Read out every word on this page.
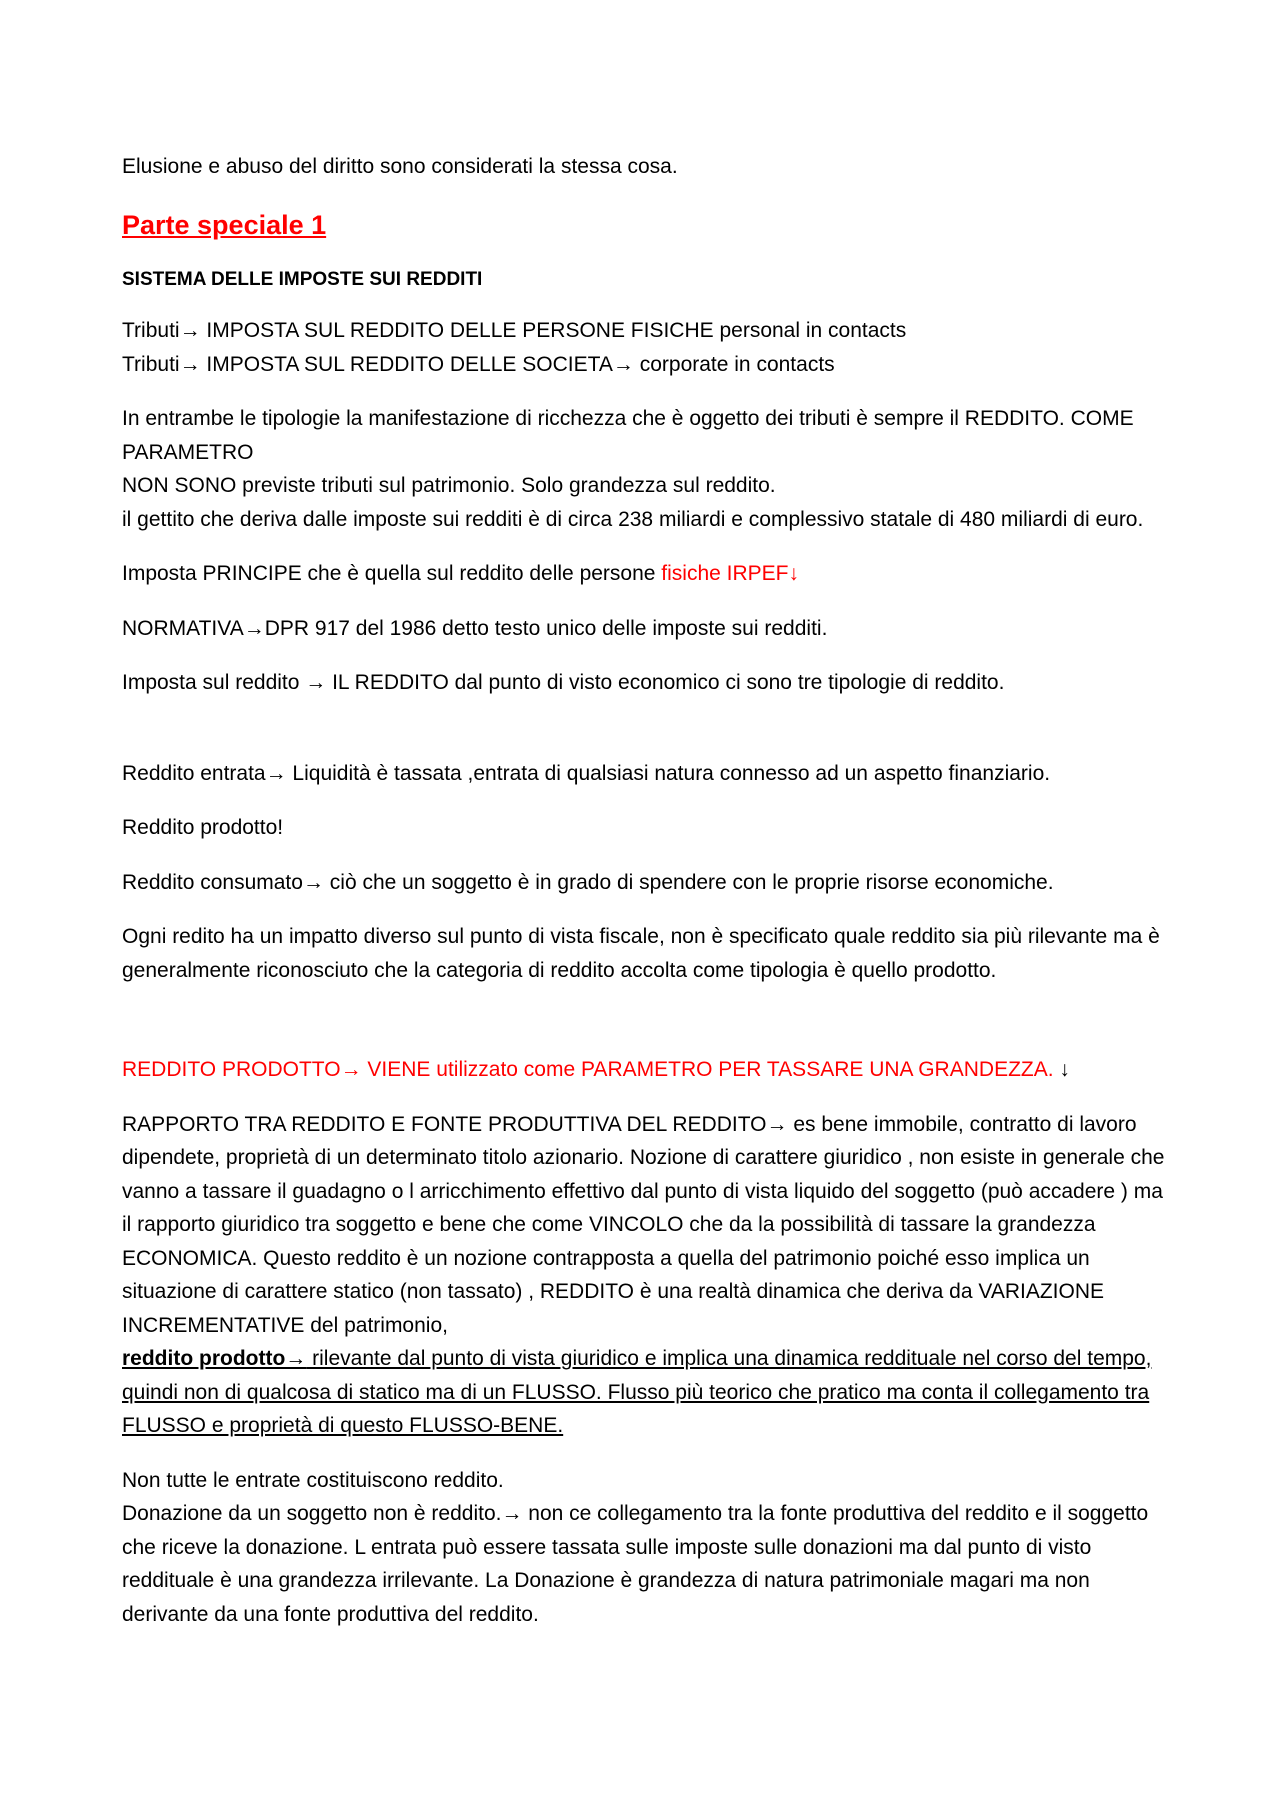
Elusione e abuso del diritto sono considerati la stessa cosa.

Parte speciale 1

SISTEMA DELLE IMPOSTE SUI REDDITI

Tributi→ IMPOSTA SUL REDDITO DELLE PERSONE FISICHE personal in contacts
Tributi→ IMPOSTA SUL REDDITO DELLE SOCIETA→ corporate in contacts

In entrambe le tipologie la manifestazione di ricchezza che è oggetto dei tributi è sempre il REDDITO. COME PARAMETRO
NON SONO previste tributi sul patrimonio. Solo grandezza sul reddito.
il gettito che deriva dalle imposte sui redditi è di circa 238 miliardi e complessivo statale di 480 miliardi di euro.

Imposta PRINCIPE che è quella sul reddito delle persone fisiche IRPEF↓

NORMATIVA→DPR 917 del 1986 detto testo unico delle imposte sui redditi.

Imposta sul reddito → IL REDDITO dal punto di visto economico ci sono tre tipologie di reddito.

Reddito entrata→ Liquidità è tassata ,entrata di qualsiasi natura connesso ad un aspetto finanziario.

Reddito prodotto!

Reddito consumato→ ciò che un soggetto è in grado di spendere con le proprie risorse economiche.

Ogni redito ha un impatto diverso sul punto di vista fiscale, non è specificato quale reddito sia più rilevante ma è generalmente riconosciuto che la categoria di reddito accolta come tipologia è quello prodotto.

REDDITO PRODOTTO→ VIENE utilizzato come PARAMETRO PER TASSARE UNA GRANDEZZA. ↓

RAPPORTO TRA REDDITO E FONTE PRODUTTIVA DEL REDDITO→ es bene immobile, contratto di lavoro dipendete, proprietà di un determinato titolo azionario. Nozione di carattere giuridico , non esiste in generale che vanno a tassare il guadagno o l arricchimento effettivo dal punto di vista liquido del soggetto (può accadere ) ma il rapporto giuridico tra soggetto e bene che come VINCOLO che da la possibilità di tassare la grandezza ECONOMICA. Questo reddito è un nozione contrapposta a quella del patrimonio poiché esso implica un situazione di carattere statico (non tassato) , REDDITO è una realtà dinamica che deriva da VARIAZIONE INCREMENTATIVE del patrimonio,
reddito prodotto→ rilevante dal punto di vista giuridico e implica una dinamica reddituale nel corso del tempo, quindi non di qualcosa di statico ma di un FLUSSO. Flusso più teorico che pratico ma conta il collegamento tra FLUSSO e proprietà di questo FLUSSO-BENE.

Non tutte le entrate costituiscono reddito.
Donazione da un soggetto non è reddito.→ non ce collegamento tra la fonte produttiva del reddito e il soggetto che riceve la donazione. L entrata può essere tassata sulle imposte sulle donazioni ma dal punto di visto reddituale è una grandezza irrilevante. La Donazione è grandezza di natura patrimoniale magari ma non derivante da una fonte produttiva del reddito.
